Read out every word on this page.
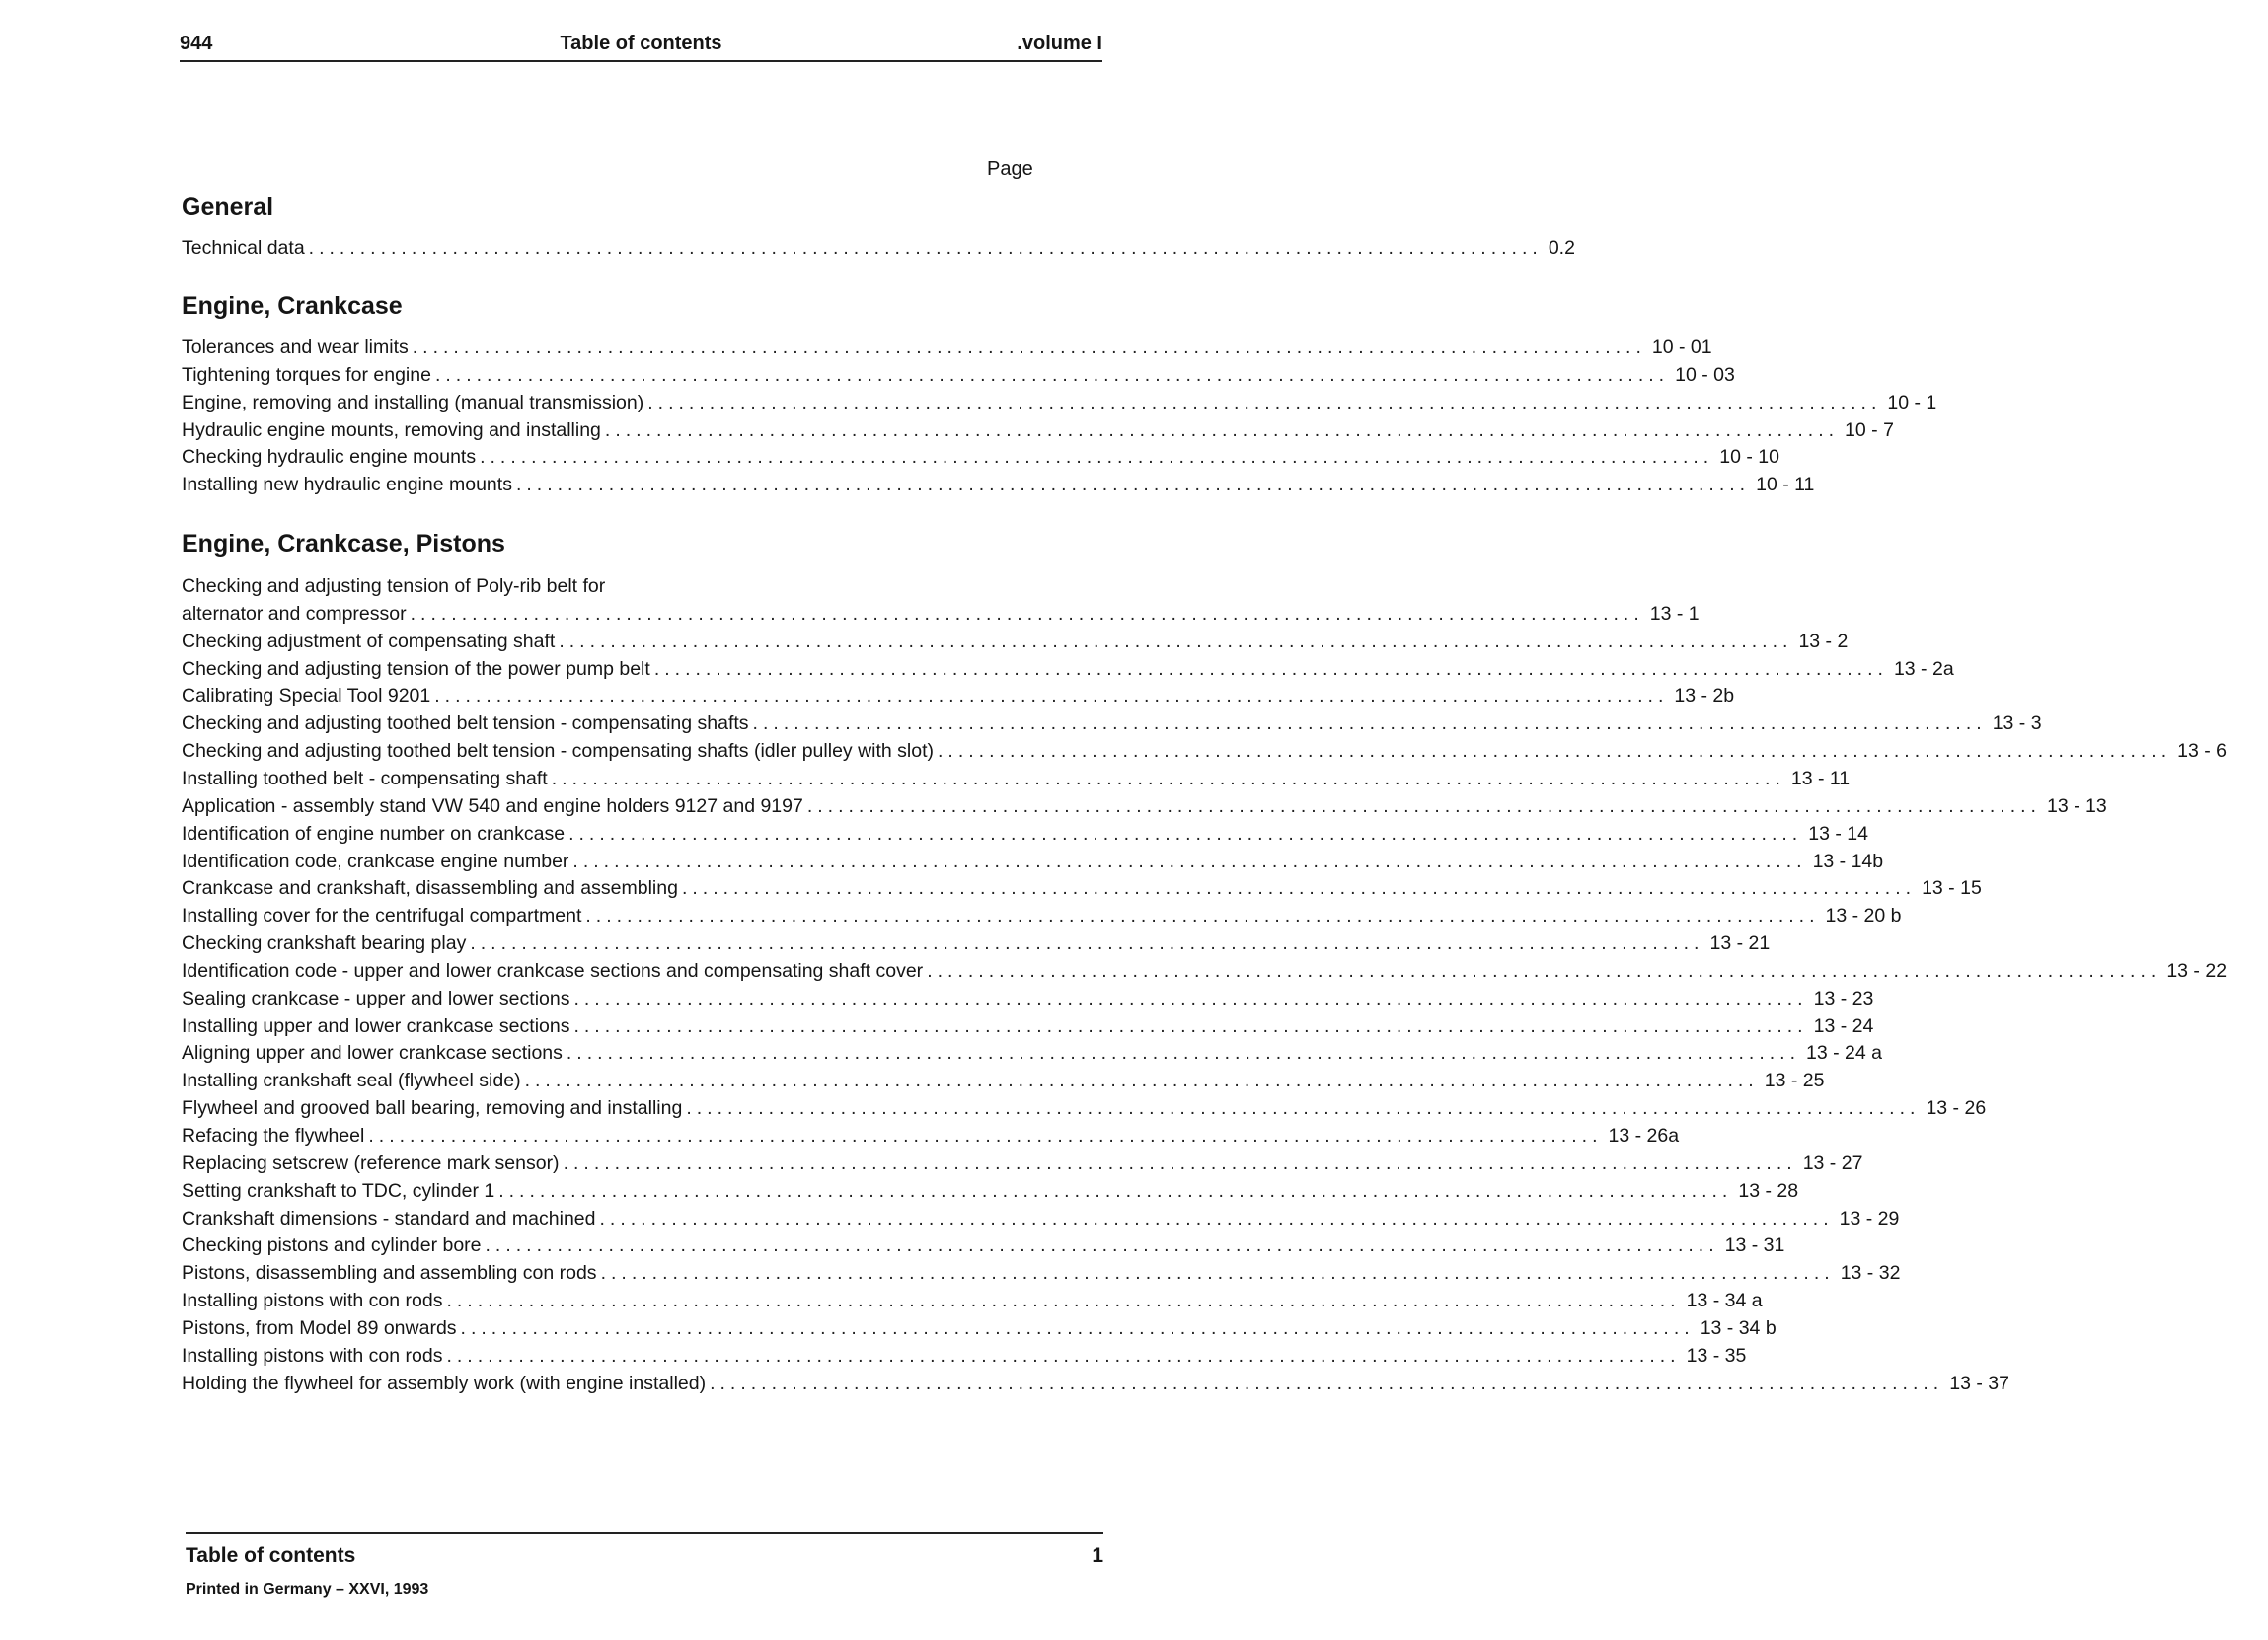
944	Table of contents	.volume I
Page
General
Technical data ........................................................................................................................ 0.2
Engine, Crankcase
Tolerances and wear limits ........................................................................................................................ 10 - 01
Tightening torques for engine ........................................................................................................................ 10 - 03
Engine, removing and installing (manual transmission) ........................................................................................................................ 10 - 1
Hydraulic engine mounts, removing and installing ........................................................................................................................ 10 - 7
Checking hydraulic engine mounts ........................................................................................................................ 10 - 10
Installing new hydraulic engine mounts ........................................................................................................................ 10 - 11
Engine, Crankcase, Pistons
Checking and adjusting tension of Poly-rib belt for
alternator and compressor ........................................................................................................................ 13 - 1
Checking adjustment of compensating shaft ........................................................................................................................ 13 - 2
Checking and adjusting tension of the power pump belt ........................................................................................................................ 13 - 2a
Calibrating Special Tool 9201 ........................................................................................................................ 13 - 2b
Checking and adjusting toothed belt tension - compensating shafts ........................................................................................................................ 13 - 3
Checking and adjusting toothed belt tension - compensating shafts (idler pulley with slot) ........................................................................................................................ 13 - 6
Installing toothed belt - compensating shaft ........................................................................................................................ 13 - 11
Application - assembly stand VW 540 and engine holders 9127 and 9197 ........................................................................................................................ 13 - 13
Identification of engine number on crankcase ........................................................................................................................ 13 - 14
Identification code, crankcase engine number ........................................................................................................................ 13 - 14b
Crankcase and crankshaft, disassembling and assembling ........................................................................................................................ 13 - 15
Installing cover for the centrifugal compartment ........................................................................................................................ 13 - 20 b
Checking crankshaft bearing play ........................................................................................................................ 13 - 21
Identification code - upper and lower crankcase sections and compensating shaft cover ........................................................................................................................ 13 - 22
Sealing crankcase - upper and lower sections ........................................................................................................................ 13 - 23
Installing upper and lower crankcase sections ........................................................................................................................ 13 - 24
Aligning upper and lower crankcase sections ........................................................................................................................ 13 - 24 a
Installing crankshaft seal (flywheel side) ........................................................................................................................ 13 - 25
Flywheel and grooved ball bearing, removing and installing ........................................................................................................................ 13 - 26
Refacing the flywheel ........................................................................................................................ 13 - 26a
Replacing setscrew (reference mark sensor) ........................................................................................................................ 13 - 27
Setting crankshaft to TDC, cylinder 1 ........................................................................................................................ 13 - 28
Crankshaft dimensions - standard and machined ........................................................................................................................ 13 - 29
Checking pistons and cylinder bore ........................................................................................................................ 13 - 31
Pistons, disassembling and assembling con rods ........................................................................................................................ 13 - 32
Installing pistons with con rods ........................................................................................................................ 13 - 34 a
Pistons, from Model 89 onwards ........................................................................................................................ 13 - 34 b
Installing pistons with con rods ........................................................................................................................ 13 - 35
Holding the flywheel for assembly work (with engine installed) ........................................................................................................................ 13 - 37
Table of contents	1
Printed in Germany – XXVI, 1993
